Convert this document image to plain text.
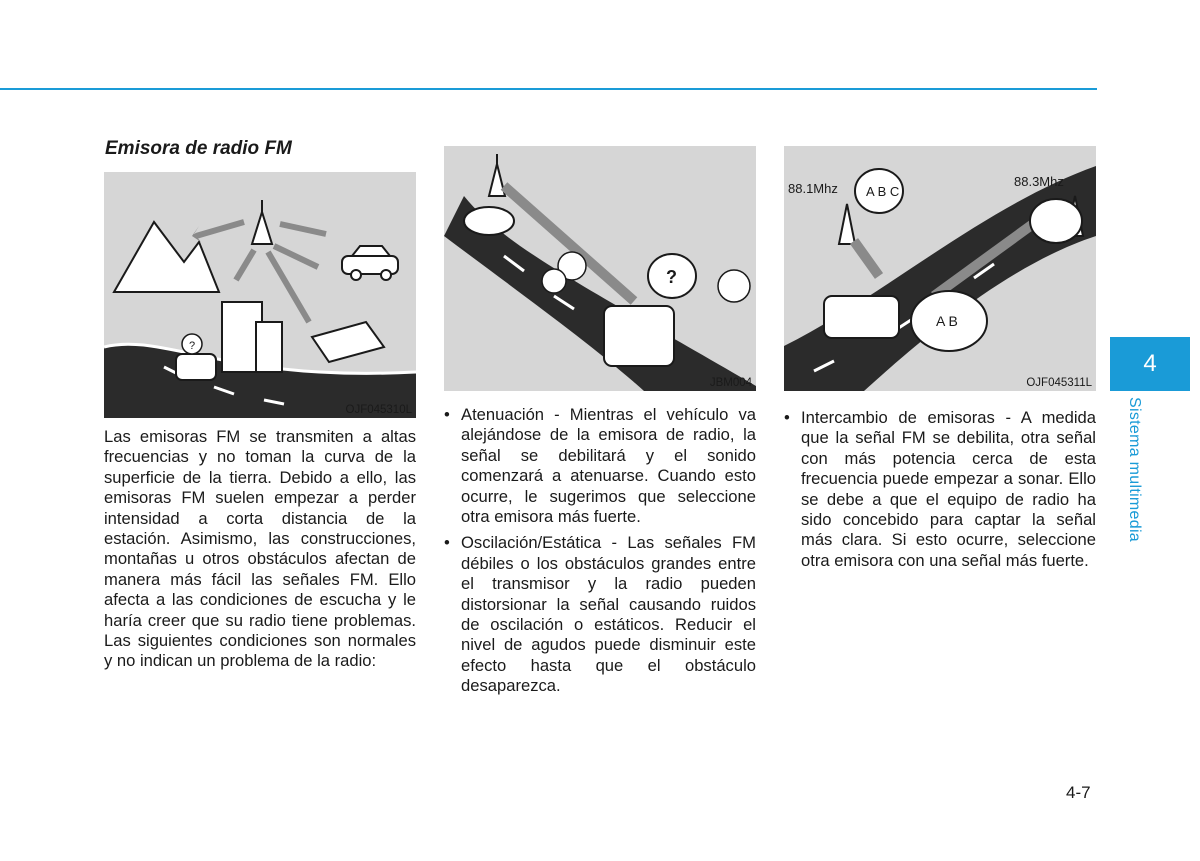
Emisora de radio FM
?
OJF045310L
?
JBM004
A B C
A B
88.1Mhz	88.3Mhz
OJF045311L

Las emisoras FM se transmiten a altas frecuencias y no toman la curva de la superficie de la tierra. Debido a ello, las emisoras FM suelen empezar a perder intensidad a corta distancia de la estación. Asimismo, las construcciones, montañas u otros obstáculos afectan de manera más fácil las señales FM. Ello afecta a las condiciones de escucha y le haría creer que su radio tiene problemas. Las siguientes condiciones son normales y no indican un problema de la radio:

• Atenuación - Mientras el vehículo va alejándose de la emisora de radio, la señal se debilitará y el sonido comenzará a atenuarse. Cuando esto ocurre, le sugerimos que seleccione otra emisora más fuerte.
• Oscilación/Estática - Las señales FM débiles o los obstáculos grandes entre el transmisor y la radio pueden distorsionar la señal causando ruidos de oscilación o estáticos. Reducir el nivel de agudos puede disminuir este efecto hasta que el obstáculo desaparezca.
• Intercambio de emisoras - A medida que la señal FM se debilita, otra señal con más potencia cerca de esta frecuencia puede empezar a sonar. Ello se debe a que el equipo de radio ha sido concebido para captar la señal más clara. Si esto ocurre, seleccione otra emisora con una señal más fuerte.
4
Sistema multimedia
4-7
